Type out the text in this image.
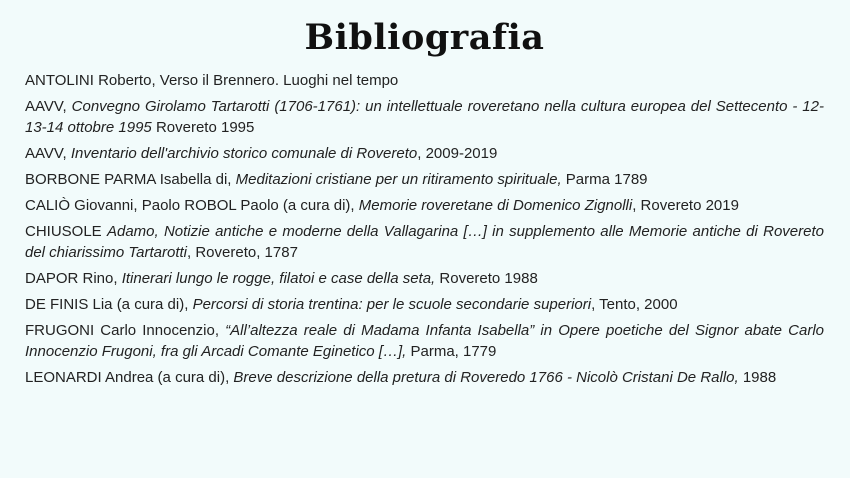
Bibliografia
ANTOLINI Roberto, Verso il Brennero. Luoghi nel tempo
AAVV, Convegno Girolamo Tartarotti (1706-1761): un intellettuale roveretano nella cultura europea del Settecento - 12-13-14 ottobre 1995 Rovereto 1995
AAVV, Inventario dell'archivio storico comunale di Rovereto, 2009-2019
BORBONE PARMA Isabella di, Meditazioni cristiane per un ritiramento spirituale, Parma 1789
CALIÒ Giovanni, Paolo ROBOL Paolo (a cura di), Memorie roveretane di Domenico Zignolli, Rovereto 2019
CHIUSOLE Adamo, Notizie antiche e moderne della Vallagarina […] in supplemento alle Memorie antiche di Rovereto del chiarissimo Tartarotti, Rovereto, 1787
DAPOR Rino, Itinerari lungo le rogge, filatoi e case della seta, Rovereto 1988
DE FINIS Lia (a cura di), Percorsi di storia trentina: per le scuole secondarie superiori, Tento, 2000
FRUGONI Carlo Innocenzio, “All’altezza reale di Madama Infanta Isabella” in Opere poetiche del Signor abate Carlo Innocenzio Frugoni, fra gli Arcadi Comante Eginetico […], Parma, 1779
LEONARDI Andrea (a cura di), Breve descrizione della pretura di Roveredo 1766 - Nicolò Cristani De Rallo, 1988
